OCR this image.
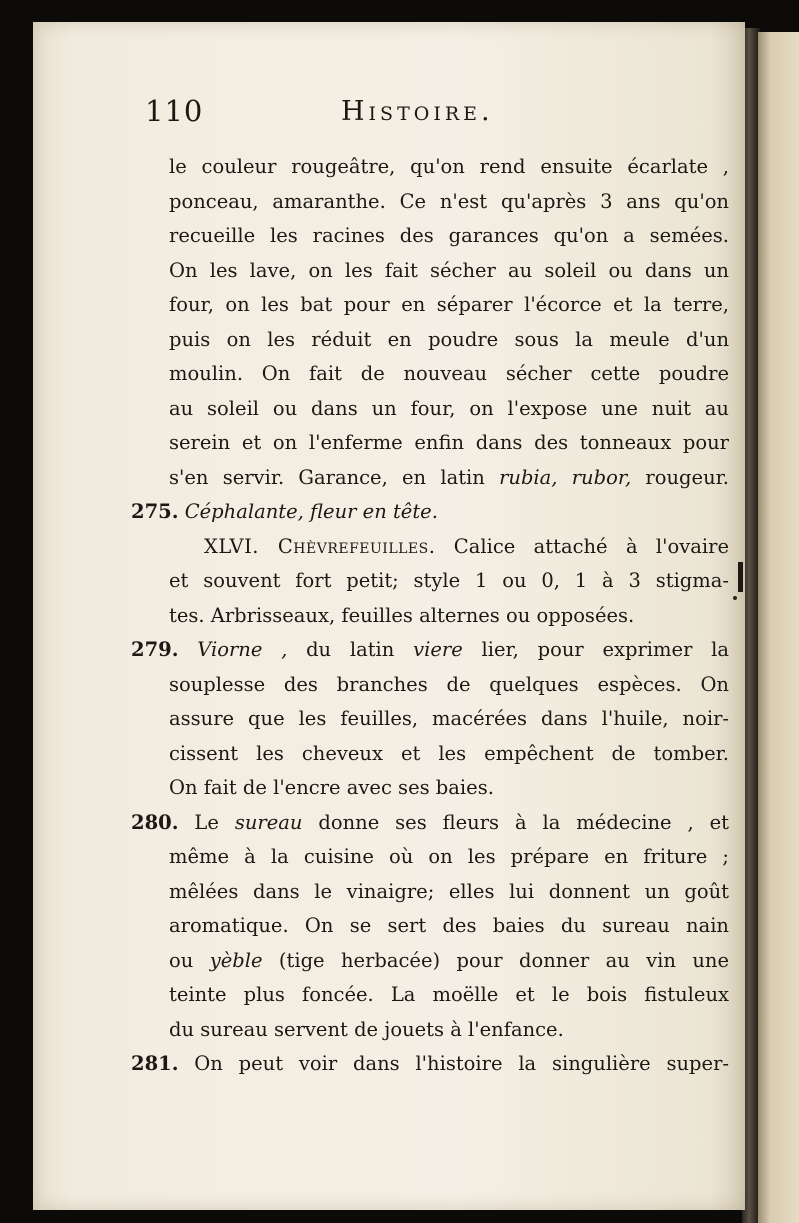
110	Histoire.
le couleur rougeâtre, qu'on rend ensuite écarlate ,
ponceau, amaranthe. Ce n'est qu'après 3 ans qu'on
recueille les racines des garances qu'on a semées.
On les lave, on les fait sécher au soleil ou dans un
four, on les bat pour en séparer l'écorce et la terre,
puis on les réduit en poudre sous la meule d'un
moulin. On fait de nouveau sécher cette poudre
au soleil ou dans un four, on l'expose une nuit au
serein et on l'enferme enfin dans des tonneaux pour
s'en servir. Garance, en latin rubia, rubor, rougeur.
275. Céphalante, fleur en tête.
XLVI. Chèvrefeuilles. Calice attaché à l'ovaire
et souvent fort petit; style 1 ou 0, 1 à 3 stigma-
tes. Arbrisseaux, feuilles alternes ou opposées.
279. Viorne , du latin viere lier, pour exprimer la
souplesse des branches de quelques espèces. On
assure que les feuilles, macérées dans l'huile, noir-
cissent les cheveux et les empêchent de tomber.
On fait de l'encre avec ses baies.
280. Le sureau donne ses fleurs à la médecine , et
même à la cuisine où on les prépare en friture ;
mêlées dans le vinaigre; elles lui donnent un goût
aromatique. On se sert des baies du sureau nain
ou yèble (tige herbacée) pour donner au vin une
teinte plus foncée. La moëlle et le bois fistuleux
du sureau servent de jouets à l'enfance.
281. On peut voir dans l'histoire la singulière super-
